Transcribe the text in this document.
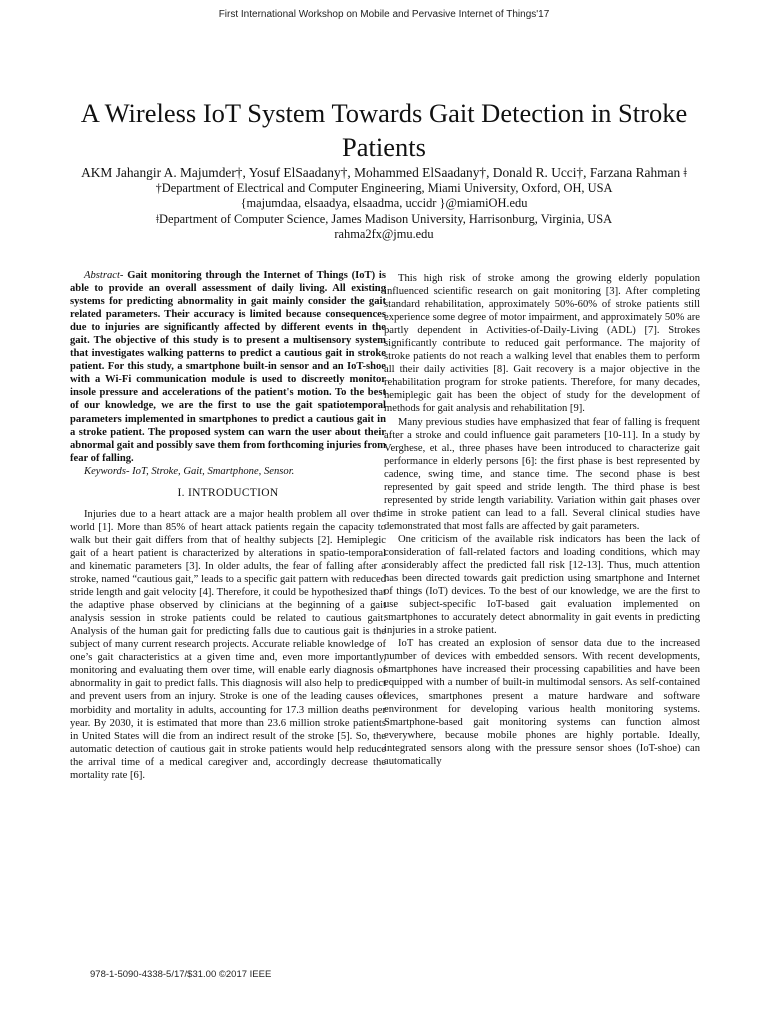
First International Workshop on Mobile and Pervasive Internet of Things'17
A Wireless IoT System Towards Gait Detection in Stroke Patients
AKM Jahangir A. Majumder†, Yosuf ElSaadany†, Mohammed ElSaadany†, Donald R. Ucci†, Farzana Rahman ǂ
†Department of Electrical and Computer Engineering, Miami University, Oxford, OH, USA
{majumdaa, elsaadya, elsaadma, uccidr }@miamiOH.edu
ǂDepartment of Computer Science, James Madison University, Harrisonburg, Virginia, USA
rahma2fx@jmu.edu

Abstract- Gait monitoring through the Internet of Things (IoT) is able to provide an overall assessment of daily living. All existing systems for predicting abnormality in gait mainly consider the gait related parameters. Their accuracy is limited because consequences due to injuries are significantly affected by different events in the gait. The objective of this study is to present a multisensory system that investigates walking patterns to predict a cautious gait in stroke patient. For this study, a smartphone built-in sensor and an IoT-shoe with a Wi-Fi communication module is used to discreetly monitor insole pressure and accelerations of the patient's motion. To the best of our knowledge, we are the first to use the gait spatiotemporal parameters implemented in smartphones to predict a cautious gait in a stroke patient. The proposed system can warn the user about their abnormal gait and possibly save them from forthcoming injuries from fear of falling.

Keywords- IoT, Stroke, Gait, Smartphone, Sensor.

I. INTRODUCTION

Injuries due to a heart attack are a major health problem all over the world [1]. More than 85% of heart attack patients regain the capacity to walk but their gait differs from that of healthy subjects [2]. Hemiplegic gait of a heart patient is characterized by alterations in spatio-temporal and kinematic parameters [3]. In older adults, the fear of falling after a stroke, named “cautious gait,” leads to a specific gait pattern with reduced stride length and gait velocity [4]. Therefore, it could be hypothesized that the adaptive phase observed by clinicians at the beginning of a gait analysis session in stroke patients could be related to cautious gait. Analysis of the human gait for predicting falls due to cautious gait is the subject of many current research projects. Accurate reliable knowledge of one’s gait characteristics at a given time and, even more importantly, monitoring and evaluating them over time, will enable early diagnosis of abnormality in gait to predict falls. This diagnosis will also help to predict and prevent users from an injury. Stroke is one of the leading causes of morbidity and mortality in adults, accounting for 17.3 million deaths per year. By 2030, it is estimated that more than 23.6 million stroke patients in United States will die from an indirect result of the stroke [5]. So, the automatic detection of cautious gait in stroke patients would help reduce the arrival time of a medical caregiver and, accordingly decrease the mortality rate [6].

This high risk of stroke among the growing elderly population influenced scientific research on gait monitoring [3]. After completing standard rehabilitation, approximately 50%-60% of stroke patients still experience some degree of motor impairment, and approximately 50% are partly dependent in Activities-of-Daily-Living (ADL) [7]. Strokes significantly contribute to reduced gait performance. The majority of stroke patients do not reach a walking level that enables them to perform all their daily activities [8]. Gait recovery is a major objective in the rehabilitation program for stroke patients. Therefore, for many decades, hemiplegic gait has been the object of study for the development of methods for gait analysis and rehabilitation [9].

Many previous studies have emphasized that fear of falling is frequent after a stroke and could influence gait parameters [10-11]. In a study by Verghese, et al., three phases have been introduced to characterize gait performance in elderly persons [6]: the first phase is best represented by cadence, swing time, and stance time. The second phase is best represented by gait speed and stride length. The third phase is best represented by stride length variability. Variation within gait phases over time in stroke patient can lead to a fall. Several clinical studies have demonstrated that most falls are affected by gait parameters.

One criticism of the available risk indicators has been the lack of consideration of fall-related factors and loading conditions, which may considerably affect the predicted fall risk [12-13]. Thus, much attention has been directed towards gait prediction using smartphone and Internet of things (IoT) devices. To the best of our knowledge, we are the first to use subject-specific IoT-based gait evaluation implemented on smartphones to accurately detect abnormality in gait events in predicting injuries in a stroke patient.

IoT has created an explosion of sensor data due to the increased number of devices with embedded sensors. With recent developments, smartphones have increased their processing capabilities and have been equipped with a number of built-in multimodal sensors. As self-contained devices, smartphones present a mature hardware and software environment for developing various health monitoring systems. Smartphone-based gait monitoring systems can function almost everywhere, because mobile phones are highly portable. Ideally, integrated sensors along with the pressure sensor shoes (IoT-shoe) can automatically

978-1-5090-4338-5/17/$31.00 ©2017 IEEE
